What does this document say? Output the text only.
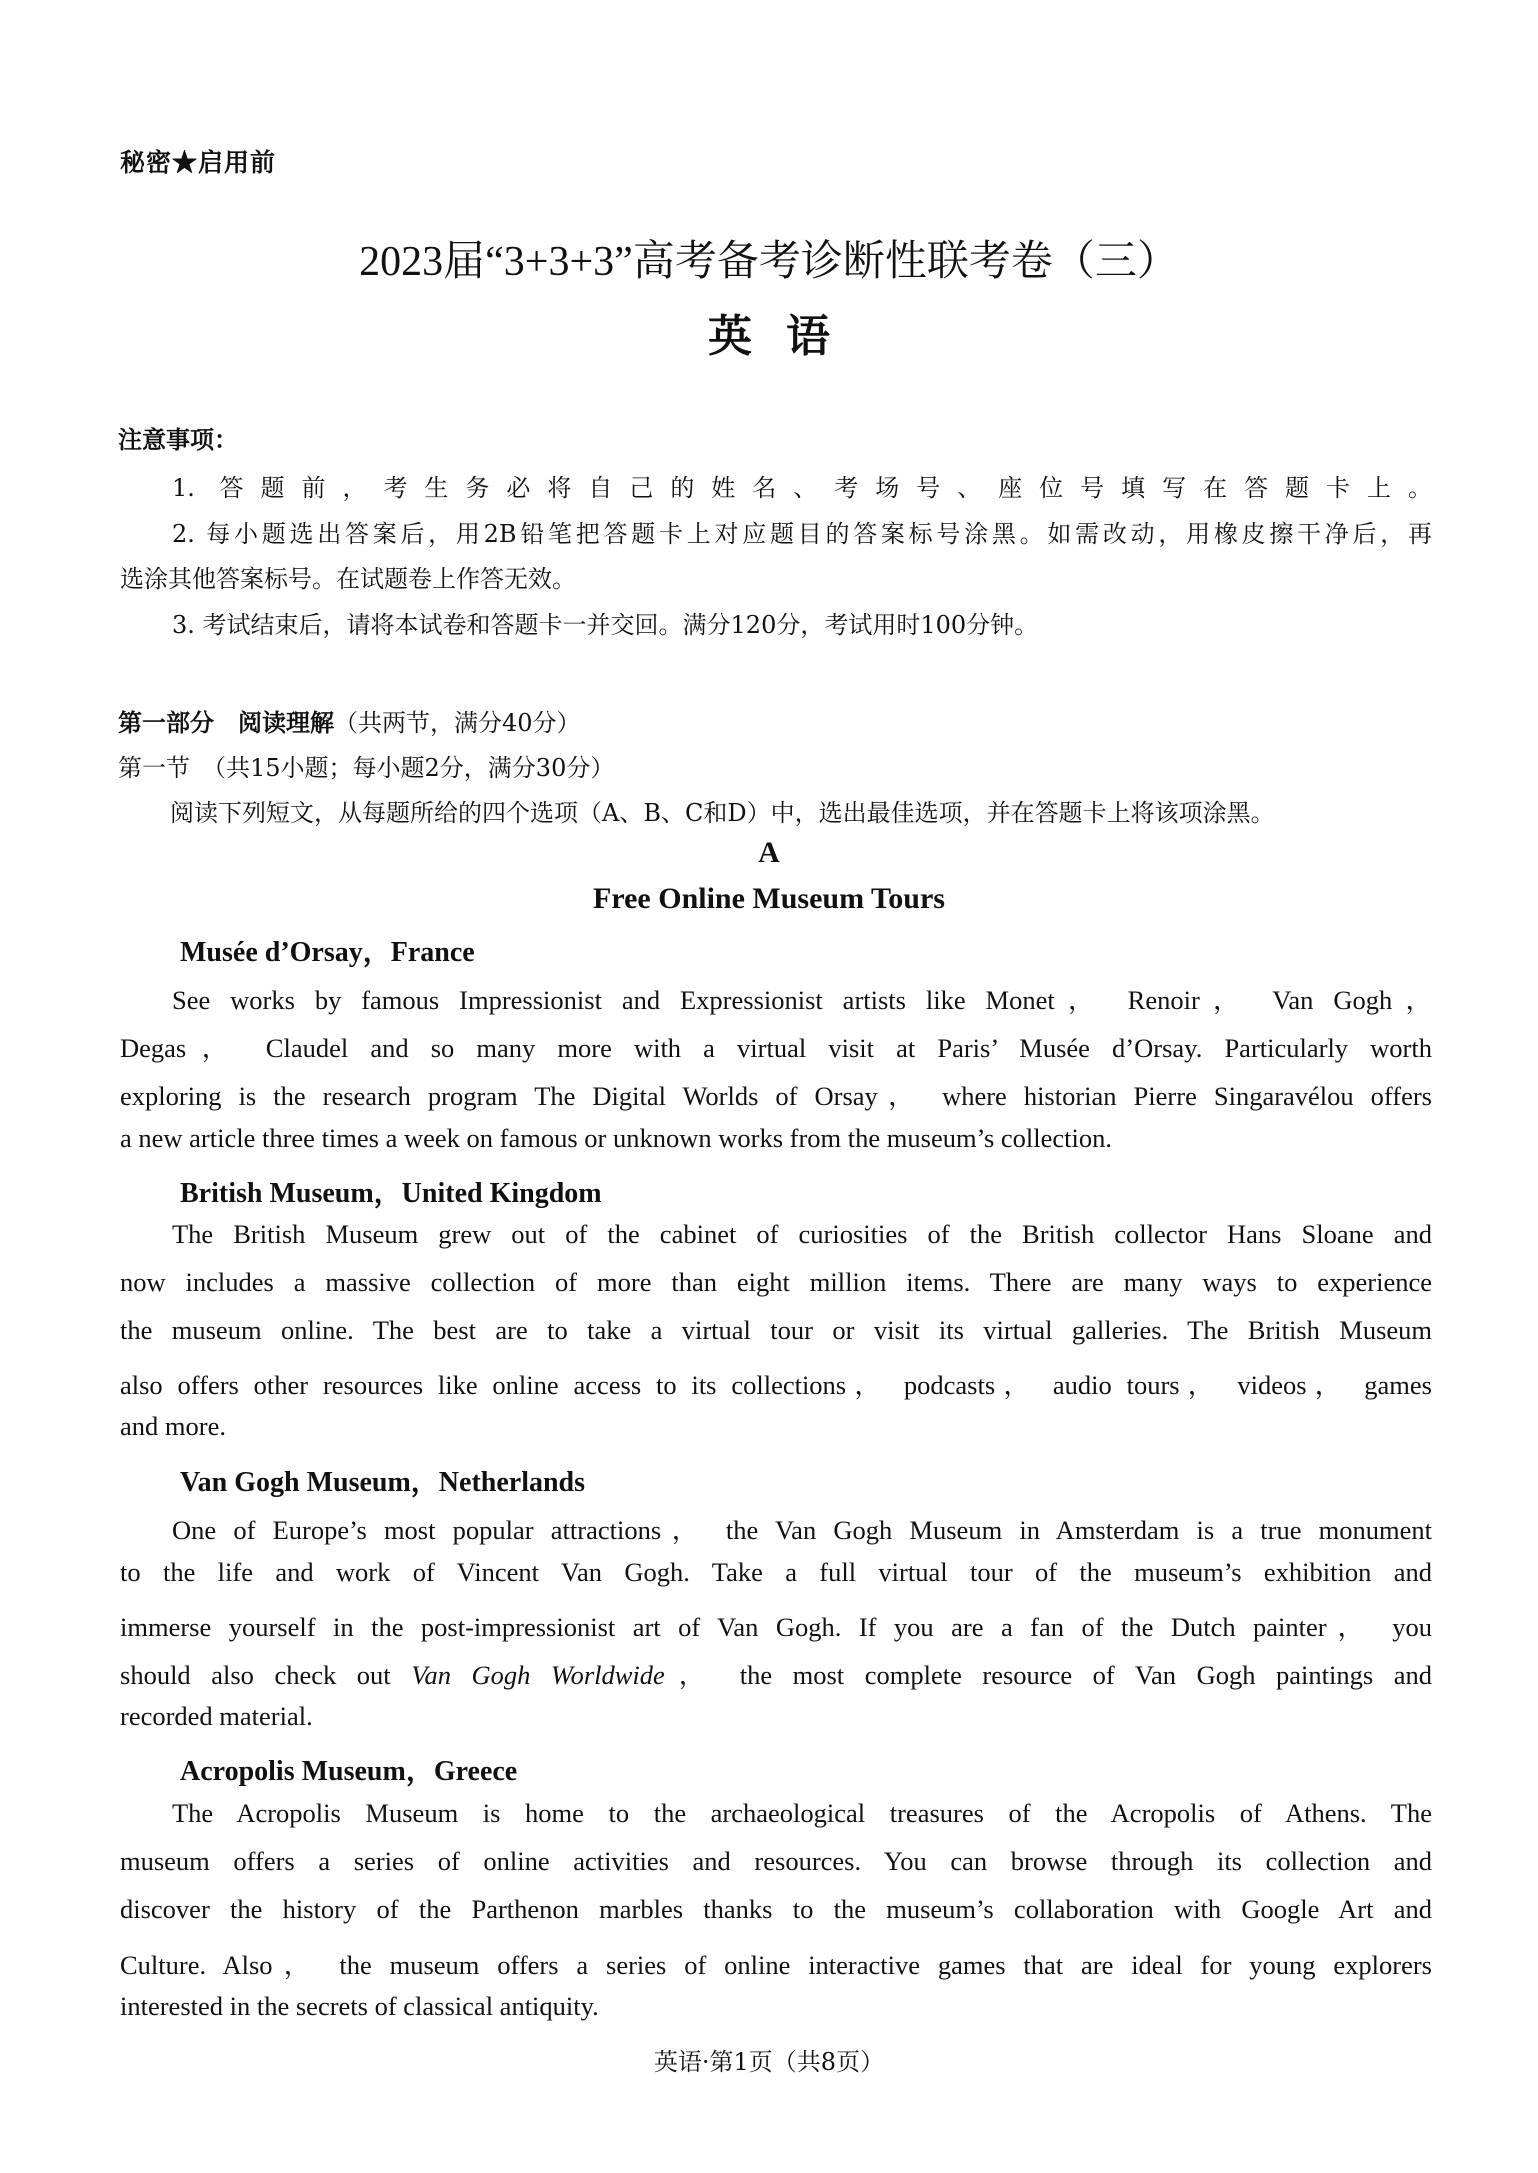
秘密★启用前
2023届“3+3+3”高考备考诊断性联考卷（三）
英语
注意事项：
1. 答题前，考生务必将自己的姓名、考场号、座位号填写在答题卡上。
2. 每小题选出答案后，用2B铅笔把答题卡上对应题目的答案标号涂黑。如需改动，用橡皮擦干净后，再
选涂其他答案标号。在试题卷上作答无效。
3. 考试结束后，请将本试卷和答题卡一并交回。满分120分，考试用时100分钟。
第一部分　阅读理解（共两节，满分40分）
第一节　（共15小题；每小题2分，满分30分）
阅读下列短文，从每题所给的四个选项（A、B、C和D）中，选出最佳选项，并在答题卡上将该项涂黑。
A
Free Online Museum Tours
Musée d’Orsay，France
See works by famous Impressionist and Expressionist artists like Monet， Renoir， Van Gogh，
Degas， Claudel and so many more with a virtual visit at Paris’ Musée d’Orsay. Particularly worth
exploring is the research program The Digital Worlds of Orsay， where historian Pierre Singaravélou offers
a new article three times a week on famous or unknown works from the museum’s collection.
British Museum，United Kingdom
The British Museum grew out of the cabinet of curiosities of the British collector Hans Sloane and
now includes a massive collection of more than eight million items. There are many ways to experience
the museum online. The best are to take a virtual tour or visit its virtual galleries. The British Museum
also offers other resources like online access to its collections， podcasts， audio tours， videos， games
and more.
Van Gogh Museum，Netherlands
One of Europe’s most popular attractions， the Van Gogh Museum in Amsterdam is a true monument
to the life and work of Vincent Van Gogh. Take a full virtual tour of the museum’s exhibition and
immerse yourself in the post-impressionist art of Van Gogh. If you are a fan of the Dutch painter， you
should also check out Van Gogh Worldwide， the most complete resource of Van Gogh paintings and
recorded material.
Acropolis Museum，Greece
The Acropolis Museum is home to the archaeological treasures of the Acropolis of Athens. The
museum offers a series of online activities and resources. You can browse through its collection and
discover the history of the Parthenon marbles thanks to the museum’s collaboration with Google Art and
Culture. Also， the museum offers a series of online interactive games that are ideal for young explorers
interested in the secrets of classical antiquity.
英语·第1页（共8页）
